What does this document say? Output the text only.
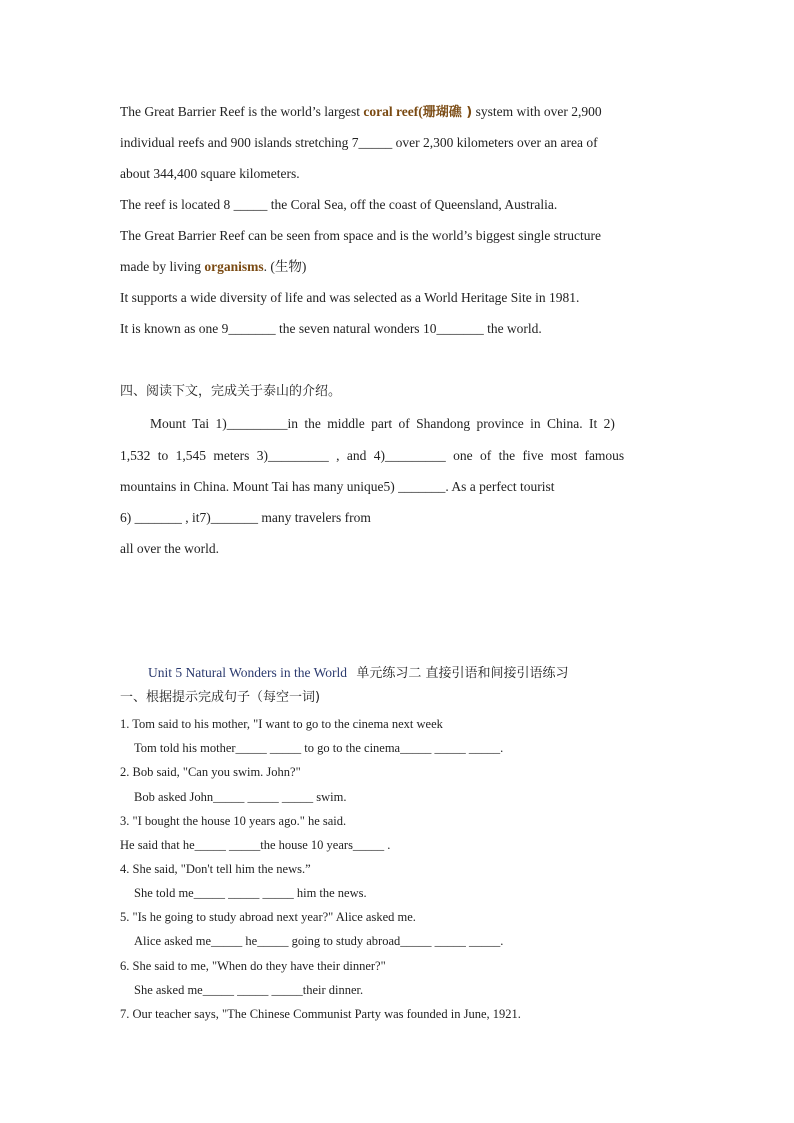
The Great Barrier Reef is the world’s largest coral reef(珊瑚礁 ) system with over 2,900
individual reefs and 900 islands stretching 7_____ over 2,300 kilometers over an area of
about 344,400 square kilometers.
The reef is located 8 _____ the Coral Sea, off the coast of Queensland, Australia.
The Great Barrier Reef can be seen from space and is the world’s biggest single structure
made by living organisms. (生物)
It supports a wide diversity of life and was selected as a World Heritage Site in 1981.
It is known as one 9_______ the seven natural wonders 10_______ the world.
四、阅读下文，完成关于泰山的介绍。
Mount Tai 1)_________in the middle part of Shandong province in China. It 2)
1,532 to 1,545 meters 3)_________ , and 4)_________ one of the five most famous
mountains in China. Mount Tai has many unique5) _______. As a perfect tourist
6) _______ , it7)_______ many travelers from
all over the world.
Unit 5 Natural Wonders in the World 单元练习二 直接引语和间接引语练习
一、根据提示完成句子（每空一词)
1. Tom said to his mother, "I want to go to the cinema next week
Tom told his mother_____ _____ to go to the cinema_____ _____ _____.
2. Bob said, "Can you swim. John?"
Bob asked John_____ _____ _____ swim.
3. "I bought the house 10 years ago." he said.
He said that he_____ _____the house 10 years_____ .
4. She said, "Don't tell him the news.”
She told me_____ _____ _____ him the news.
5. "Is he going to study abroad next year?" Alice asked me.
Alice asked me_____ he_____ going to study abroad_____ _____ _____.
6. She said to me, "When do they have their dinner?"
She asked me_____ _____ _____their dinner.
7. Our teacher says, "The Chinese Communist Party was founded in June, 1921.
